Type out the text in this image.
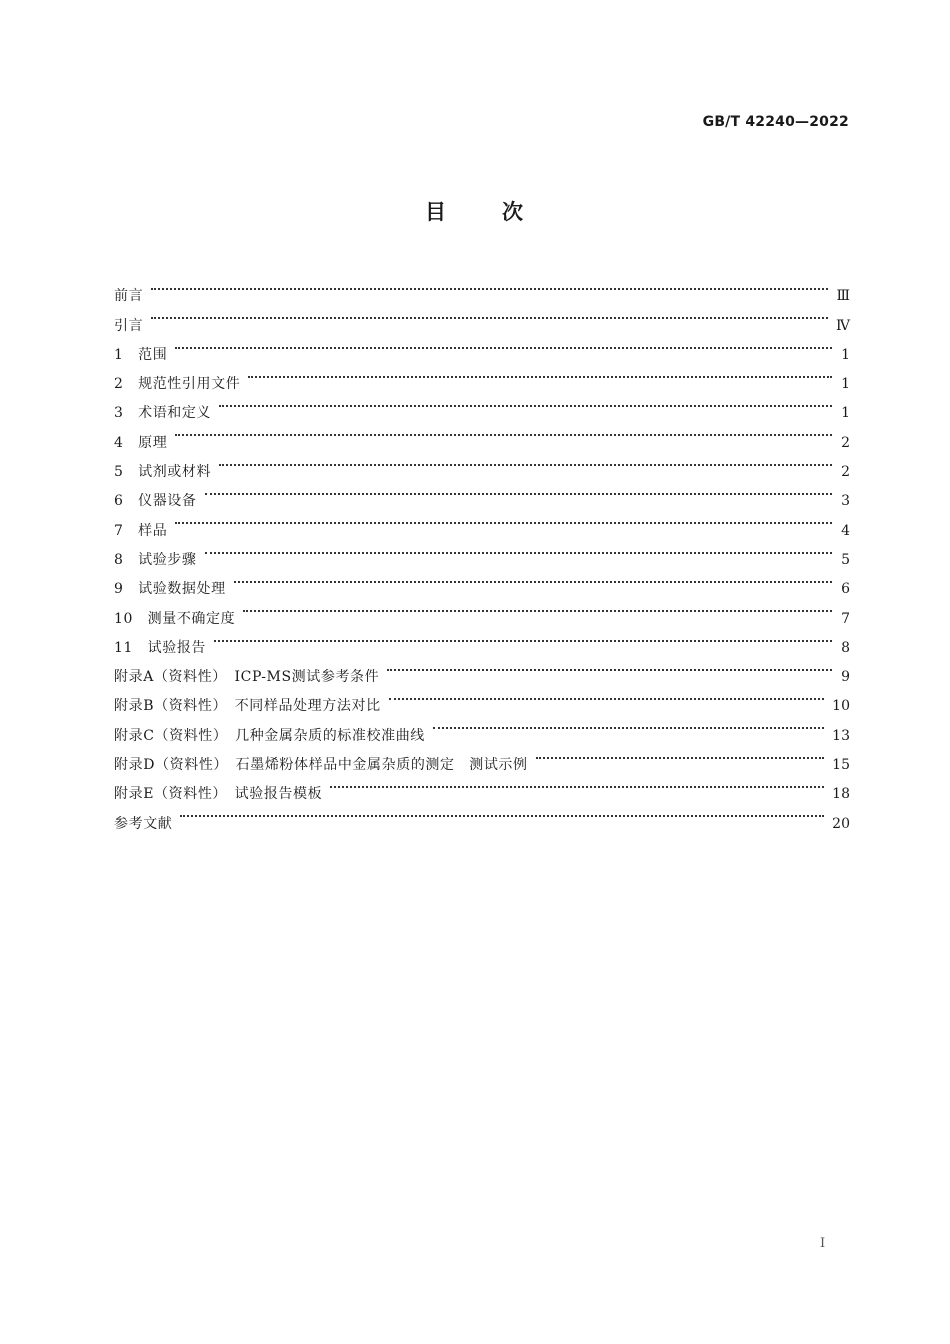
GB/T 42240—2022
目	次
前言	Ⅲ
引言	Ⅳ
1　范围	1
2　规范性引用文件	1
3　术语和定义	1
4　原理	2
5　试剂或材料	2
6　仪器设备	3
7　样品	4
8　试验步骤	5
9　试验数据处理	6
10　测量不确定度	7
11　试验报告	8
附录A（资料性）　ICP-MS测试参考条件	9
附录B（资料性）　不同样品处理方法对比	10
附录C（资料性）　几种金属杂质的标准校准曲线	13
附录D（资料性）　石墨烯粉体样品中金属杂质的测定　测试示例	15
附录E（资料性）　试验报告模板	18
参考文献	20
Ⅰ
